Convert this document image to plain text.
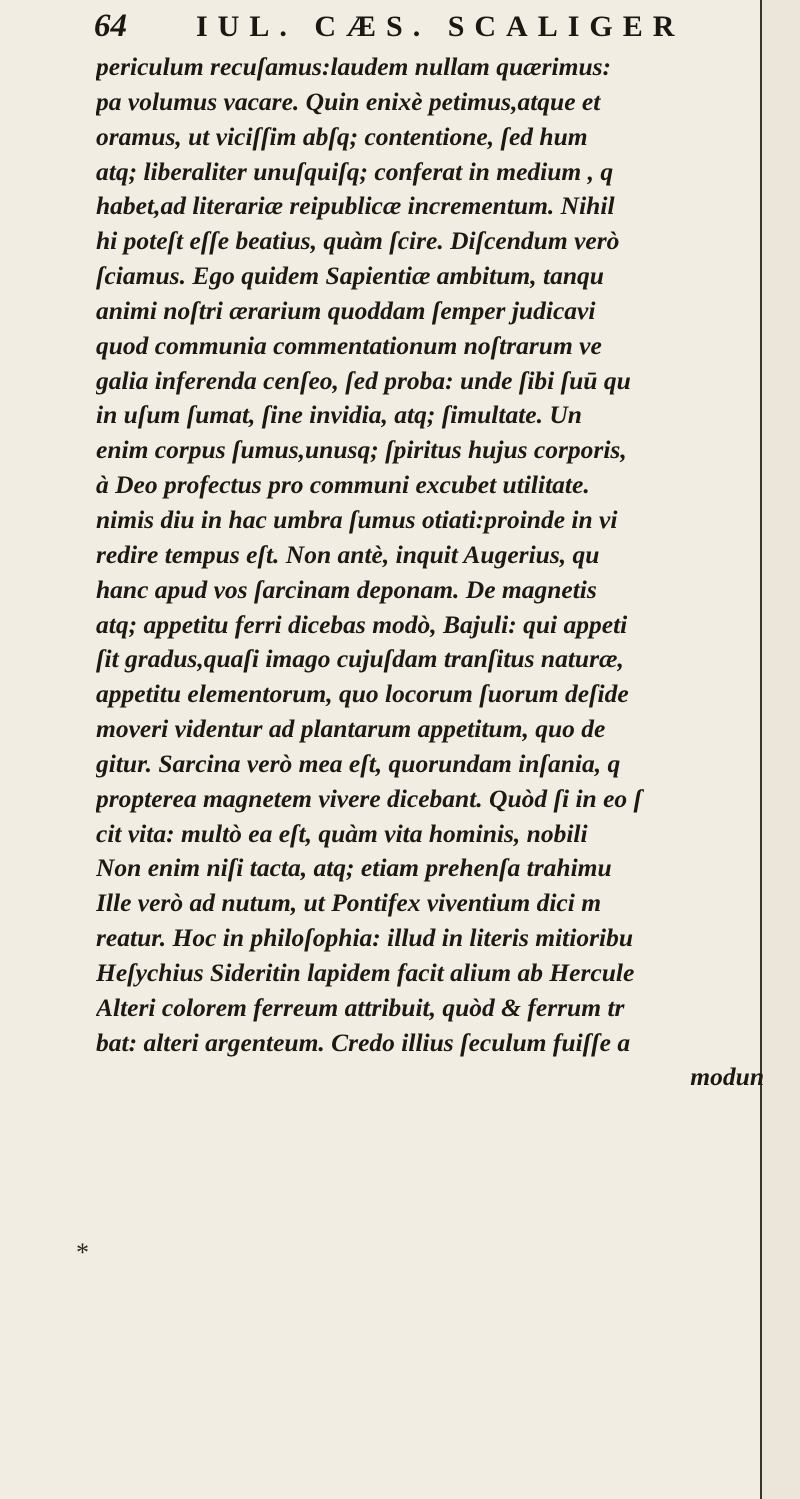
64 IUL. CÆS. SCALIGER
*
periculum recuſamus:laudem nullam quærimus:
pa volumus vacare. Quin enixè petimus,atque et
oramus, ut viciſſim abſq; contentione, ſed hum
atq; liberaliter unuſquiſq; conferat in medium , q
habet,ad literariæ reipublicæ incrementum. Nihil
hi poteſt eſſe beatius, quàm ſcire. Diſcendum verò
ſciamus. Ego quidem Sapientiæ ambitum, tanqu
animi noſtri ærarium quoddam ſemper judicavi
quod communia commentationum noſtrarum ve
galia inferenda cenſeo, ſed proba: unde ſibi ſuū qu
in uſum ſumat, ſine invidia, atq; ſimultate. Un
enim corpus ſumus,unusq; ſpiritus hujus corporis,
à Deo profectus pro communi excubet utilitate.
nimis diu in hac umbra ſumus otiati:proinde in vi
redire tempus eſt. Non antè, inquit Augerius, qu
hanc apud vos ſarcinam deponam. De magnetis
atq; appetitu ferri dicebas modò, Bajuli: qui appeti
ſit gradus,quaſi imago cujuſdam tranſitus naturæ,
appetitu elementorum, quo locorum ſuorum deſide
moveri videntur ad plantarum appetitum, quo de
gitur. Sarcina verò mea eſt, quorundam inſania, q
propterea magnetem vivere dicebant. Quòd ſi in eo ſ
cit vita: multò ea eſt, quàm vita hominis, nobili
Non enim niſi tacta, atq; etiam prehenſa trahimu
Ille verò ad nutum, ut Pontifex viventium dici m
reatur. Hoc in philoſophia: illud in literis mitioribu
Heſychius Sideritin lapidem facit alium ab Hercule
Alteri colorem ferreum attribuit, quòd & ferrum tr
bat: alteri argenteum. Credo illius ſeculum fuiſſe a
modun
